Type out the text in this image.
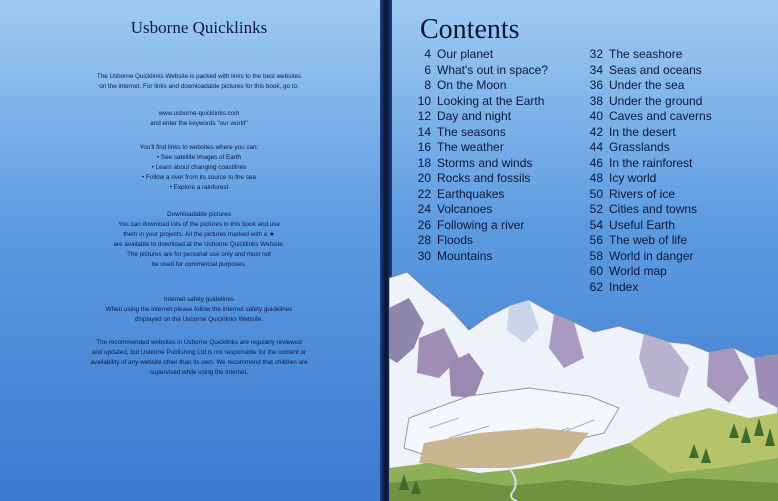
Usborne Quicklinks
The Usborne Quicklinks Website is packed with links to the best websites
on the internet. For links and downloadable pictures for this book, go to:
www.usborne-quicklinks.com
and enter the keywords "our world"
You'll find links to websites where you can:
• See satellite images of Earth
• Learn about changing coastlines
• Follow a river from its source to the sea
• Explore a rainforest
Downloadable pictures
You can download lots of the pictures in this book and use
them in your projects. All the pictures marked with a ★
are available to download at the Usborne Quicklinks Website.
The pictures are for personal use only and must not
be used for commercial purposes.
Internet safety guidelines
When using the internet please follow the internet safety guidelines
displayed on the Usborne Quicklinks Website.
The recommended websites in Usborne Quicklinks are regularly reviewed
and updated, but Usborne Publishing Ltd is not responsible for the content or
availability of any website other than its own. We recommend that children are
supervised while using the internet.
Contents
4 Our planet
6 What's out in space?
8 On the Moon
10 Looking at the Earth
12 Day and night
14 The seasons
16 The weather
18 Storms and winds
20 Rocks and fossils
22 Earthquakes
24 Volcanoes
26 Following a river
28 Floods
30 Mountains
32 The seashore
34 Seas and oceans
36 Under the sea
38 Under the ground
40 Caves and caverns
42 In the desert
44 Grasslands
46 In the rainforest
48 Icy world
50 Rivers of ice
52 Cities and towns
54 Useful Earth
56 The web of life
58 World in danger
60 World map
62 Index
